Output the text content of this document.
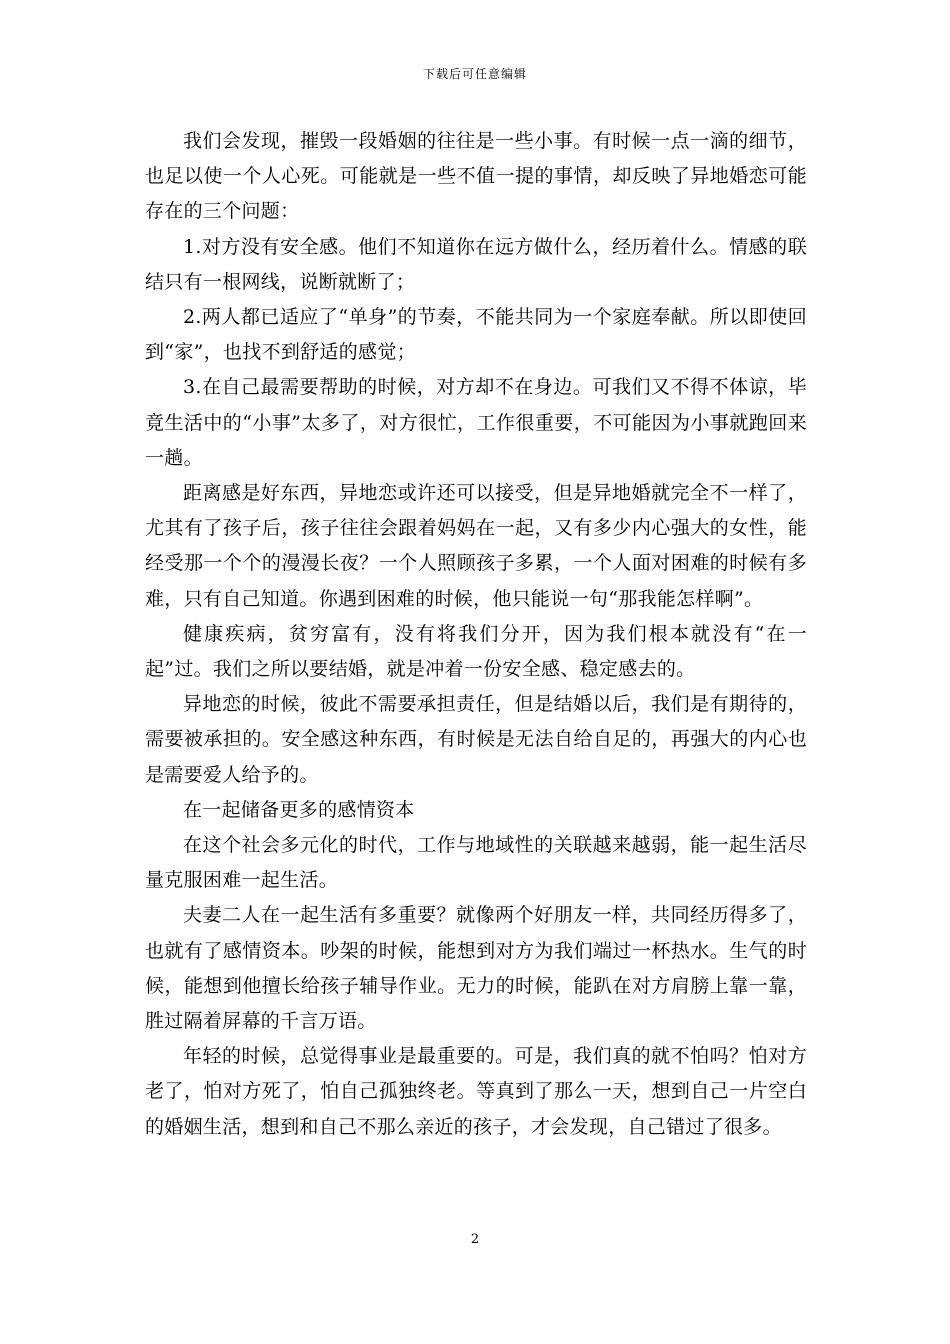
下载后可任意编辑

我们会发现，摧毁一段婚姻的往往是一些小事。有时候一点一滴的细节，也足以使一个人心死。可能就是一些不值一提的事情，却反映了异地婚恋可能存在的三个问题：

1.对方没有安全感。他们不知道你在远方做什么，经历着什么。情感的联结只有一根网线，说断就断了；

2.两人都已适应了“单身”的节奏，不能共同为一个家庭奉献。所以即使回到“家”，也找不到舒适的感觉；

3.在自己最需要帮助的时候，对方却不在身边。可我们又不得不体谅，毕竟生活中的“小事”太多了，对方很忙，工作很重要，不可能因为小事就跑回来一趟。

距离感是好东西，异地恋或许还可以接受，但是异地婚就完全不一样了，尤其有了孩子后，孩子往往会跟着妈妈在一起，又有多少内心强大的女性，能经受那一个个的漫漫长夜？一个人照顾孩子多累，一个人面对困难的时候有多难，只有自己知道。你遇到困难的时候，他只能说一句“那我能怎样啊”。

健康疾病，贫穷富有，没有将我们分开，因为我们根本就没有“在一起”过。我们之所以要结婚，就是冲着一份安全感、稳定感去的。

异地恋的时候，彼此不需要承担责任，但是结婚以后，我们是有期待的，需要被承担的。安全感这种东西，有时候是无法自给自足的，再强大的内心也是需要爱人给予的。

在一起储备更多的感情资本

在这个社会多元化的时代，工作与地域性的关联越来越弱，能一起生活尽量克服困难一起生活。

夫妻二人在一起生活有多重要？就像两个好朋友一样，共同经历得多了，也就有了感情资本。吵架的时候，能想到对方为我们端过一杯热水。生气的时候，能想到他擅长给孩子辅导作业。无力的时候，能趴在对方肩膀上靠一靠，胜过隔着屏幕的千言万语。

年轻的时候，总觉得事业是最重要的。可是，我们真的就不怕吗？怕对方老了，怕对方死了，怕自己孤独终老。等真到了那么一天，想到自己一片空白的婚姻生活，想到和自己不那么亲近的孩子，才会发现，自己错过了很多。

2
